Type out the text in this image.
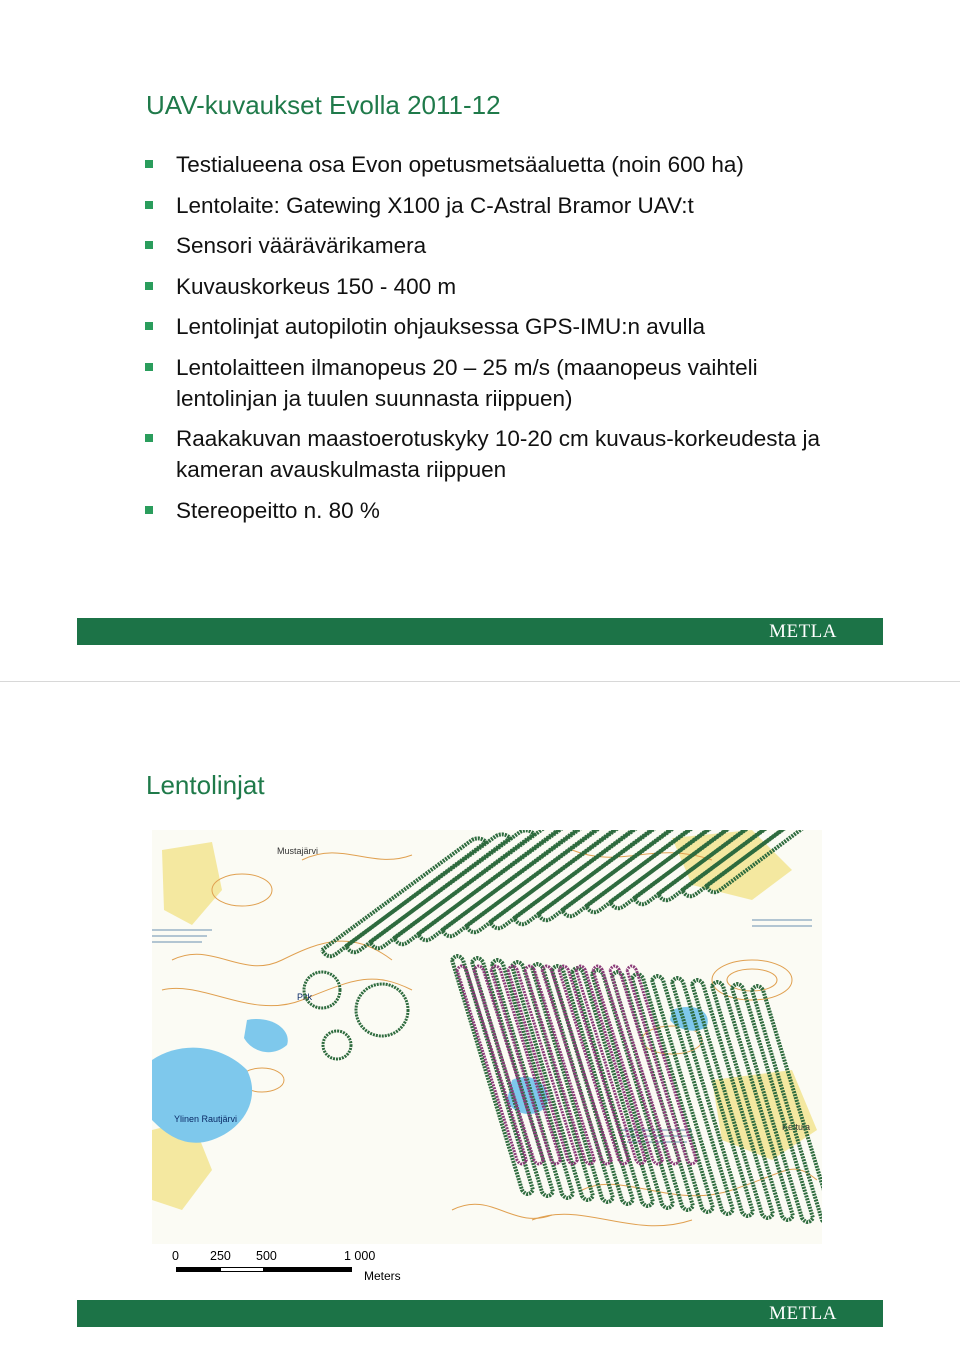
UAV-kuvaukset Evolla 2011-12
Testialueena osa Evon opetusmetsäaluetta (noin 600 ha)
Lentolaite: Gatewing X100 ja C-Astral Bramor UAV:t
Sensori väärävärikamera
Kuvauskorkeus 150 - 400 m
Lentolinjat autopilotin ohjauksessa GPS-IMU:n avulla
Lentolaitteen ilmanopeus 20 – 25 m/s (maanopeus vaihteli lentolinjan ja tuulen suunnasta riippuen)
Raakakuvan maastoerotuskyky 10-20 cm kuvaus-korkeudesta ja kameran avauskulmasta riippuen
Stereopeitto n. 80 %
METLA
Lentolinjat
Ylinen Rautjärvi
Pitk
Kettula
Mustajärvi
0 250 500	1 000
Meters
METLA
